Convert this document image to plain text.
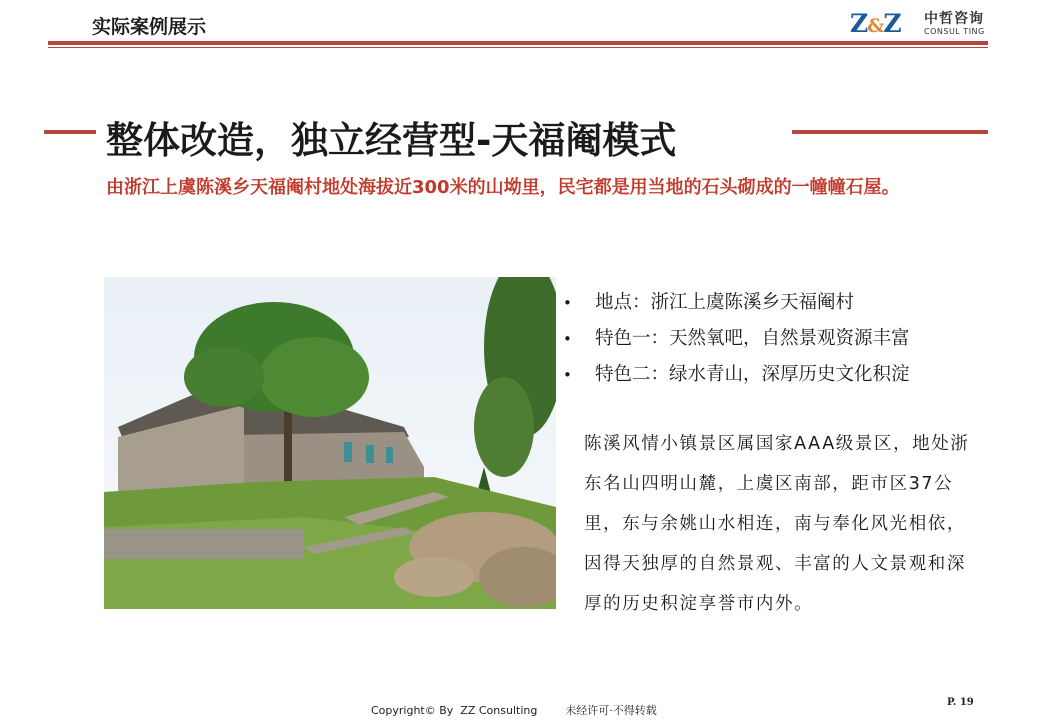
实际案例展示	Z&Z 中哲咨询
CONSUL TING
整体改造，独立经营型-天福阉模式
由浙江上虞陈溪乡天福阉村地处海拔近300米的山坳里，民宅都是用当地的石头砌成的一幢幢石屋。
• 地点：浙江上虞陈溪乡天福阉村
• 特色一：天然氧吧，自然景观资源丰富
• 特色二：绿水青山，深厚历史文化积淀
陈溪风情小镇景区属国家AAA级景区，地处浙东名山四明山麓，上虞区南部，距市区37公里，东与余姚山水相连，南与奉化风光相依，因得天独厚的自然景观、丰富的人文景观和深厚的历史积淀享誉市内外。
Copyright© By  ZZ Consulting        未经许可·不得转载
P. 19
